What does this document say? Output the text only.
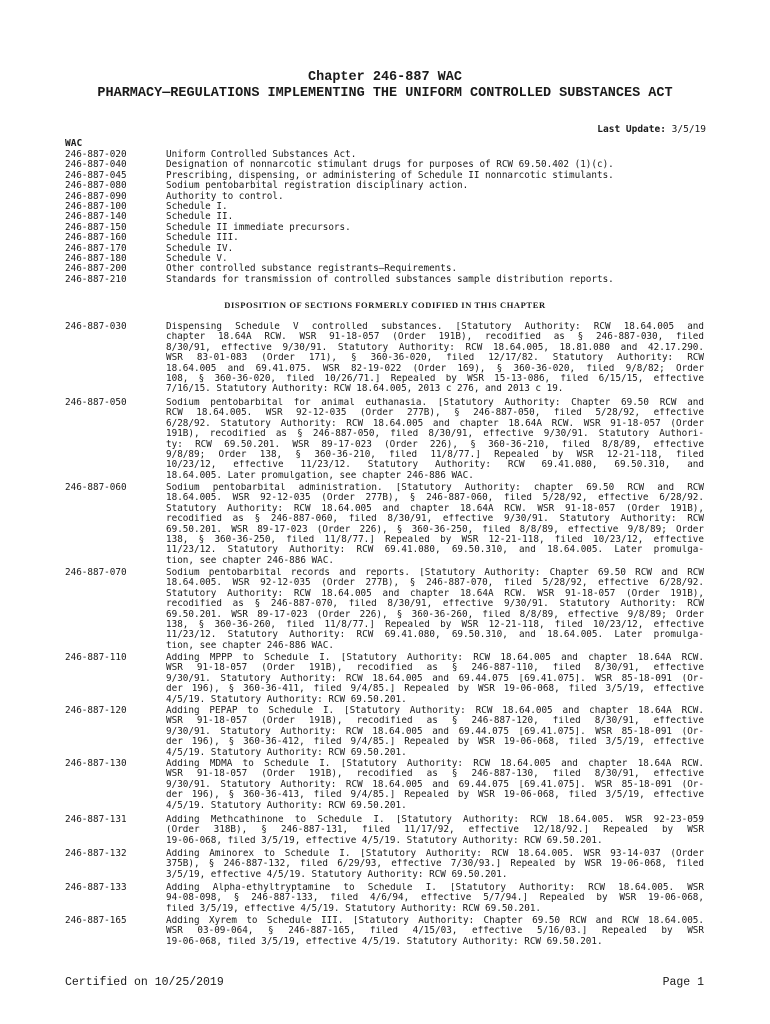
Chapter 246-887 WAC
PHARMACY—REGULATIONS IMPLEMENTING THE UNIFORM CONTROLLED SUBSTANCES ACT
Last Update: 3/5/19
WAC
246-887-020	Uniform Controlled Substances Act.
246-887-040	Designation of nonnarcotic stimulant drugs for purposes of RCW 69.50.402 (1)(c).
246-887-045	Prescribing, dispensing, or administering of Schedule II nonnarcotic stimulants.
246-887-080	Sodium pentobarbital registration disciplinary action.
246-887-090	Authority to control.
246-887-100	Schedule I.
246-887-140	Schedule II.
246-887-150	Schedule II immediate precursors.
246-887-160	Schedule III.
246-887-170	Schedule IV.
246-887-180	Schedule V.
246-887-200	Other controlled substance registrants—Requirements.
246-887-210	Standards for transmission of controlled substances sample distribution reports.
DISPOSITION OF SECTIONS FORMERLY CODIFIED IN THIS CHAPTER
246-887-030	Dispensing Schedule V controlled substances. [Statutory Authority: RCW 18.64.005 and
chapter 18.64A RCW. WSR 91-18-057 (Order 191B), recodified as § 246-887-030, filed
8/30/91, effective 9/30/91. Statutory Authority: RCW 18.64.005, 18.81.080 and 42.17.290.
WSR 83-01-083 (Order 171), § 360-36-020, filed 12/17/82. Statutory Authority: RCW
18.64.005 and 69.41.075. WSR 82-19-022 (Order 169), § 360-36-020, filed 9/8/82; Order
108, § 360-36-020, filed 10/26/71.] Repealed by WSR 15-13-086, filed 6/15/15, effective
7/16/15. Statutory Authority: RCW 18.64.005, 2013 c 276, and 2013 c 19.
246-887-050	Sodium pentobarbital for animal euthanasia. [Statutory Authority: Chapter 69.50 RCW and
RCW 18.64.005. WSR 92-12-035 (Order 277B), § 246-887-050, filed 5/28/92, effective
6/28/92. Statutory Authority: RCW 18.64.005 and chapter 18.64A RCW. WSR 91-18-057 (Order
191B), recodified as § 246-887-050, filed 8/30/91, effective 9/30/91. Statutory Authori-
ty: RCW 69.50.201. WSR 89-17-023 (Order 226), § 360-36-210, filed 8/8/89, effective
9/8/89; Order 138, § 360-36-210, filed 11/8/77.] Repealed by WSR 12-21-118, filed
10/23/12, effective 11/23/12. Statutory Authority: RCW 69.41.080, 69.50.310, and
18.64.005. Later promulgation, see chapter 246-886 WAC.
246-887-060	Sodium pentobarbital administration. [Statutory Authority: chapter 69.50 RCW and RCW
18.64.005. WSR 92-12-035 (Order 277B), § 246-887-060, filed 5/28/92, effective 6/28/92.
Statutory Authority: RCW 18.64.005 and chapter 18.64A RCW. WSR 91-18-057 (Order 191B),
recodified as § 246-887-060, filed 8/30/91, effective 9/30/91. Statutory Authority: RCW
69.50.201. WSR 89-17-023 (Order 226), § 360-36-250, filed 8/8/89, effective 9/8/89; Order
138, § 360-36-250, filed 11/8/77.] Repealed by WSR 12-21-118, filed 10/23/12, effective
11/23/12. Statutory Authority: RCW 69.41.080, 69.50.310, and 18.64.005. Later promulga-
tion, see chapter 246-886 WAC.
246-887-070	Sodium pentobarbital records and reports. [Statutory Authority: Chapter 69.50 RCW and RCW
18.64.005. WSR 92-12-035 (Order 277B), § 246-887-070, filed 5/28/92, effective 6/28/92.
Statutory Authority: RCW 18.64.005 and chapter 18.64A RCW. WSR 91-18-057 (Order 191B),
recodified as § 246-887-070, filed 8/30/91, effective 9/30/91. Statutory Authority: RCW
69.50.201. WSR 89-17-023 (Order 226), § 360-36-260, filed 8/8/89, effective 9/8/89; Order
138, § 360-36-260, filed 11/8/77.] Repealed by WSR 12-21-118, filed 10/23/12, effective
11/23/12. Statutory Authority: RCW 69.41.080, 69.50.310, and 18.64.005. Later promulga-
tion, see chapter 246-886 WAC.
246-887-110	Adding MPPP to Schedule I. [Statutory Authority: RCW 18.64.005 and chapter 18.64A RCW.
WSR 91-18-057 (Order 191B), recodified as § 246-887-110, filed 8/30/91, effective
9/30/91. Statutory Authority: RCW 18.64.005 and 69.44.075 [69.41.075]. WSR 85-18-091 (Or-
der 196), § 360-36-411, filed 9/4/85.] Repealed by WSR 19-06-068, filed 3/5/19, effective
4/5/19. Statutory Authority: RCW 69.50.201.
246-887-120	Adding PEPAP to Schedule I. [Statutory Authority: RCW 18.64.005 and chapter 18.64A RCW.
WSR 91-18-057 (Order 191B), recodified as § 246-887-120, filed 8/30/91, effective
9/30/91. Statutory Authority: RCW 18.64.005 and 69.44.075 [69.41.075]. WSR 85-18-091 (Or-
der 196), § 360-36-412, filed 9/4/85.] Repealed by WSR 19-06-068, filed 3/5/19, effective
4/5/19. Statutory Authority: RCW 69.50.201.
246-887-130	Adding MDMA to Schedule I. [Statutory Authority: RCW 18.64.005 and chapter 18.64A RCW.
WSR 91-18-057 (Order 191B), recodified as § 246-887-130, filed 8/30/91, effective
9/30/91. Statutory Authority: RCW 18.64.005 and 69.44.075 [69.41.075]. WSR 85-18-091 (Or-
der 196), § 360-36-413, filed 9/4/85.] Repealed by WSR 19-06-068, filed 3/5/19, effective
4/5/19. Statutory Authority: RCW 69.50.201.
246-887-131	Adding Methcathinone to Schedule I. [Statutory Authority: RCW 18.64.005. WSR 92-23-059
(Order 318B), § 246-887-131, filed 11/17/92, effective 12/18/92.] Repealed by WSR
19-06-068, filed 3/5/19, effective 4/5/19. Statutory Authority: RCW 69.50.201.
246-887-132	Adding Aminorex to Schedule I. [Statutory Authority: RCW 18.64.005. WSR 93-14-037 (Order
375B), § 246-887-132, filed 6/29/93, effective 7/30/93.] Repealed by WSR 19-06-068, filed
3/5/19, effective 4/5/19. Statutory Authority: RCW 69.50.201.
246-887-133	Adding Alpha-ethyltryptamine to Schedule I. [Statutory Authority: RCW 18.64.005. WSR
94-08-098, § 246-887-133, filed 4/6/94, effective 5/7/94.] Repealed by WSR 19-06-068,
filed 3/5/19, effective 4/5/19. Statutory Authority: RCW 69.50.201.
246-887-165	Adding Xyrem to Schedule III. [Statutory Authority: Chapter 69.50 RCW and RCW 18.64.005.
WSR 03-09-064, § 246-887-165, filed 4/15/03, effective 5/16/03.] Repealed by WSR
19-06-068, filed 3/5/19, effective 4/5/19. Statutory Authority: RCW 69.50.201.
Certified on 10/25/2019	Page 1
